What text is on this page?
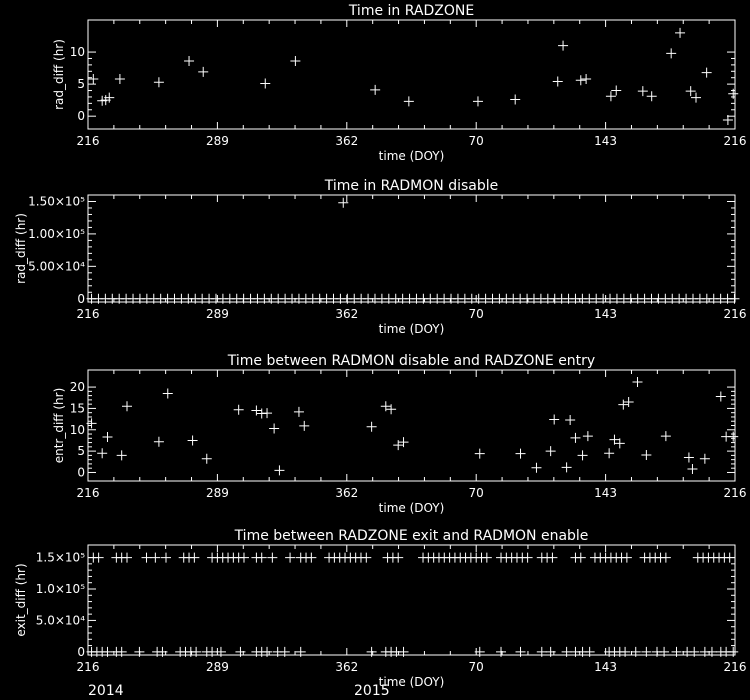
Time in RADZONE
216	289	362	70	143	216
time (DOY)
0
5
10
rad_diff (hr)
Time in RADMON disable
216	289	362	70	143	216
time (DOY)
0
5.00×10⁴
1.00×10⁵
1.50×10⁵
rad_diff (hr)
Time between RADMON disable and RADZONE entry
216	289	362	70	143	216
time (DOY)
0
5
10
15
20
entr_diff (hr)
Time between RADZONE exit and RADMON enable
216	289	362	70	143	216
time (DOY)
0
5.0×10⁴
1.0×10⁵
1.5×10⁵
exit_diff (hr)
2014	2015
